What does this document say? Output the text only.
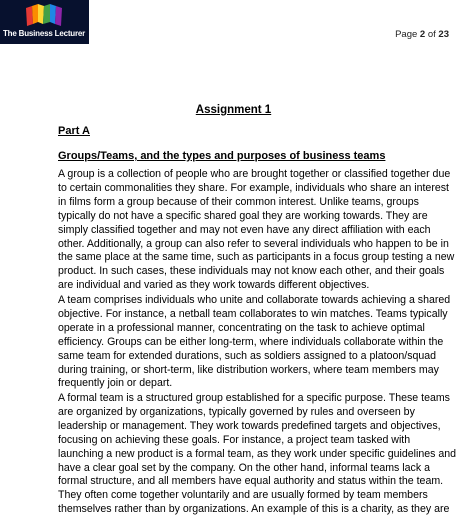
The Business Lecturer	Page 2 of 23
Assignment 1
Part A
Groups/Teams, and the types and purposes of business teams

A group is a collection of people who are brought together or classified together due
to certain commonalities they share. For example, individuals who share an interest
in films form a group because of their common interest. Unlike teams, groups
typically do not have a specific shared goal they are working towards. They are
simply classified together and may not even have any direct affiliation with each
other. Additionally, a group can also refer to several individuals who happen to be in
the same place at the same time, such as participants in a focus group testing a new
product. In such cases, these individuals may not know each other, and their goals
are individual and varied as they work towards different objectives.

A team comprises individuals who unite and collaborate towards achieving a shared
objective. For instance, a netball team collaborates to win matches. Teams typically
operate in a professional manner, concentrating on the task to achieve optimal
efficiency. Groups can be either long-term, where individuals collaborate within the
same team for extended durations, such as soldiers assigned to a platoon/squad
during training, or short-term, like distribution workers, where team members may
frequently join or depart.

A formal team is a structured group established for a specific purpose. These teams
are organized by organizations, typically governed by rules and overseen by
leadership or management. They work towards predefined targets and objectives,
focusing on achieving these goals. For instance, a project team tasked with
launching a new product is a formal team, as they work under specific guidelines and
have a clear goal set by the company. On the other hand, informal teams lack a
formal structure, and all members have equal authority and status within the team.
They often come together voluntarily and are usually formed by team members
themselves rather than by organizations. An example of this is a charity, as they are
